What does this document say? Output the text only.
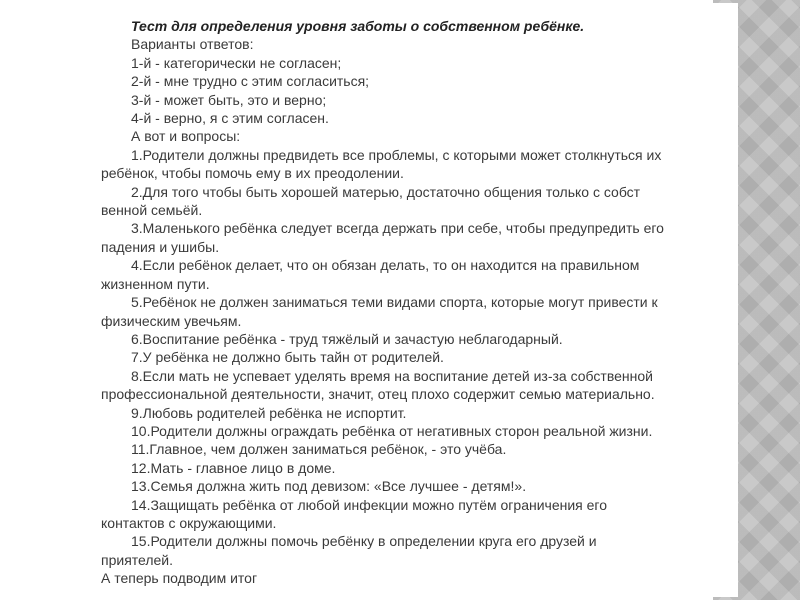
Тест для определения уровня заботы о собственном ребёнке.
Варианты ответов:
1-й - категорически не согласен;
2-й - мне трудно с этим согласиться;
3-й - может быть, это и верно;
4-й - верно, я с этим согласен.
А вот и вопросы:
1.Родители должны предвидеть все проблемы, с которыми может столкнуться их
ребёнок, чтобы помочь ему в их преодолении.
2.Для того чтобы быть хорошей матерью, достаточно общения только с собст
венной семьёй.
3.Маленького ребёнка следует всегда держать при себе, чтобы предупредить его
падения и ушибы.
4.Если ребёнок делает, что он обязан делать, то он находится на правильном
жизненном пути.
5.Ребёнок не должен заниматься теми видами спорта, которые могут привести к
физическим увечьям.
6.Воспитание ребёнка - труд тяжёлый и зачастую неблагодарный.
7.У ребёнка не должно быть тайн от родителей.
8.Если мать не успевает уделять время на воспитание детей из-за собственной
профессиональной деятельности, значит, отец плохо содержит семью материально.
9.Любовь родителей ребёнка не испортит.
10.Родители должны ограждать ребёнка от негативных сторон реальной жизни.
11.Главное, чем должен заниматься ребёнок, - это учёба.
12.Мать - главное лицо в доме.
13.Семья должна жить под девизом: «Все лучшее - детям!».
14.Защищать ребёнка от любой инфекции можно путём ограничения его
контактов с окружающими.
15.Родители должны помочь ребёнку в определении круга его друзей и
приятелей.
А теперь подводим итог
